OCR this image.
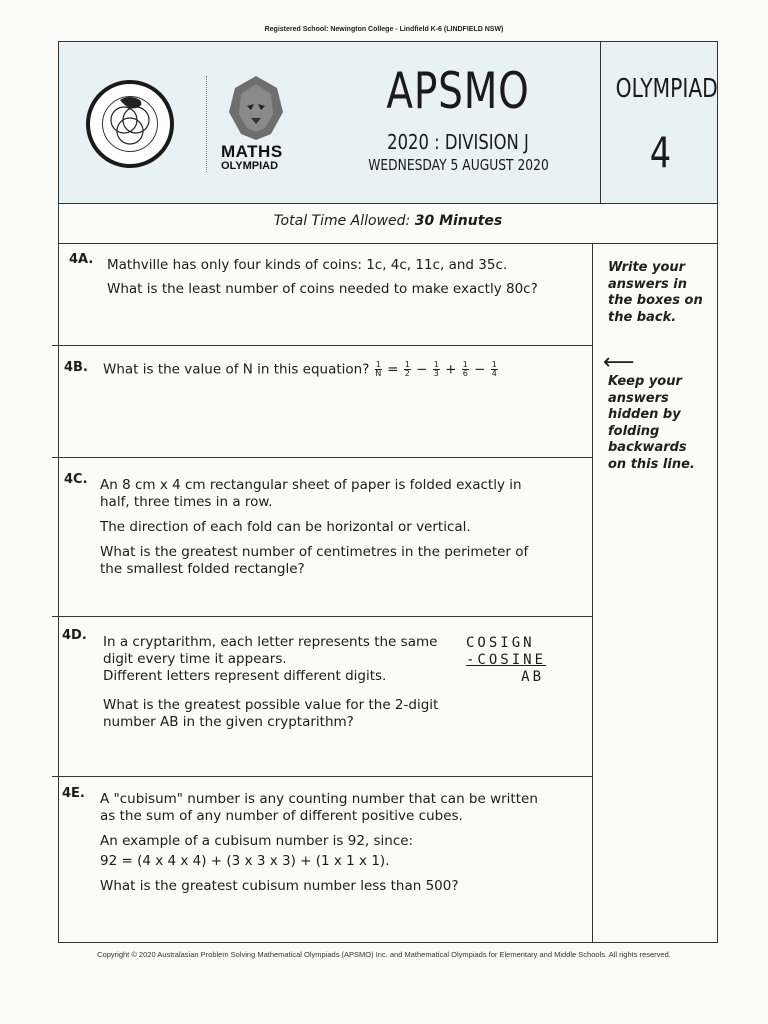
Registered School: Newington College - Lindfield K-6 (LINDFIELD NSW)
MATHS
OLYMPIAD
APSMO
2020 : DIVISION J
WEDNESDAY 5 AUGUST 2020
OLYMPIAD
4
Total Time Allowed: 30 Minutes
Write your
answers in
the boxes on
the back.
⟵
Keep your
answers
hidden by
folding
backwards
on this line.
4A. Mathville has only four kinds of coins: 1c, 4c, 11c, and 35c.
What is the least number of coins needed to make exactly 80c?
4B. What is the value of N in this equation? $\frac{1}{N} = \frac{1}{2} - \frac{1}{3} + \frac{1}{6} - \frac{1}{4}$
4C. An 8 cm x 4 cm rectangular sheet of paper is folded exactly in
half, three times in a row.
The direction of each fold can be horizontal or vertical.
What is the greatest number of centimetres in the perimeter of
the smallest folded rectangle?
4D. In a cryptarithm, each letter represents the same
digit every time it appears.
Different letters represent different digits.
What is the greatest possible value for the 2-digit
number AB in the given cryptarithm?
COSIGN
-COSINE
AB
4E. A "cubisum" number is any counting number that can be written
as the sum of any number of different positive cubes.
An example of a cubisum number is 92, since:
92 = (4 x 4 x 4) + (3 x 3 x 3) + (1 x 1 x 1).
What is the greatest cubisum number less than 500?
Copyright © 2020 Australasian Problem Solving Mathematical Olympiads (APSMO) Inc. and Mathematical Olympiads for Elementary and Middle Schools. All rights reserved.
